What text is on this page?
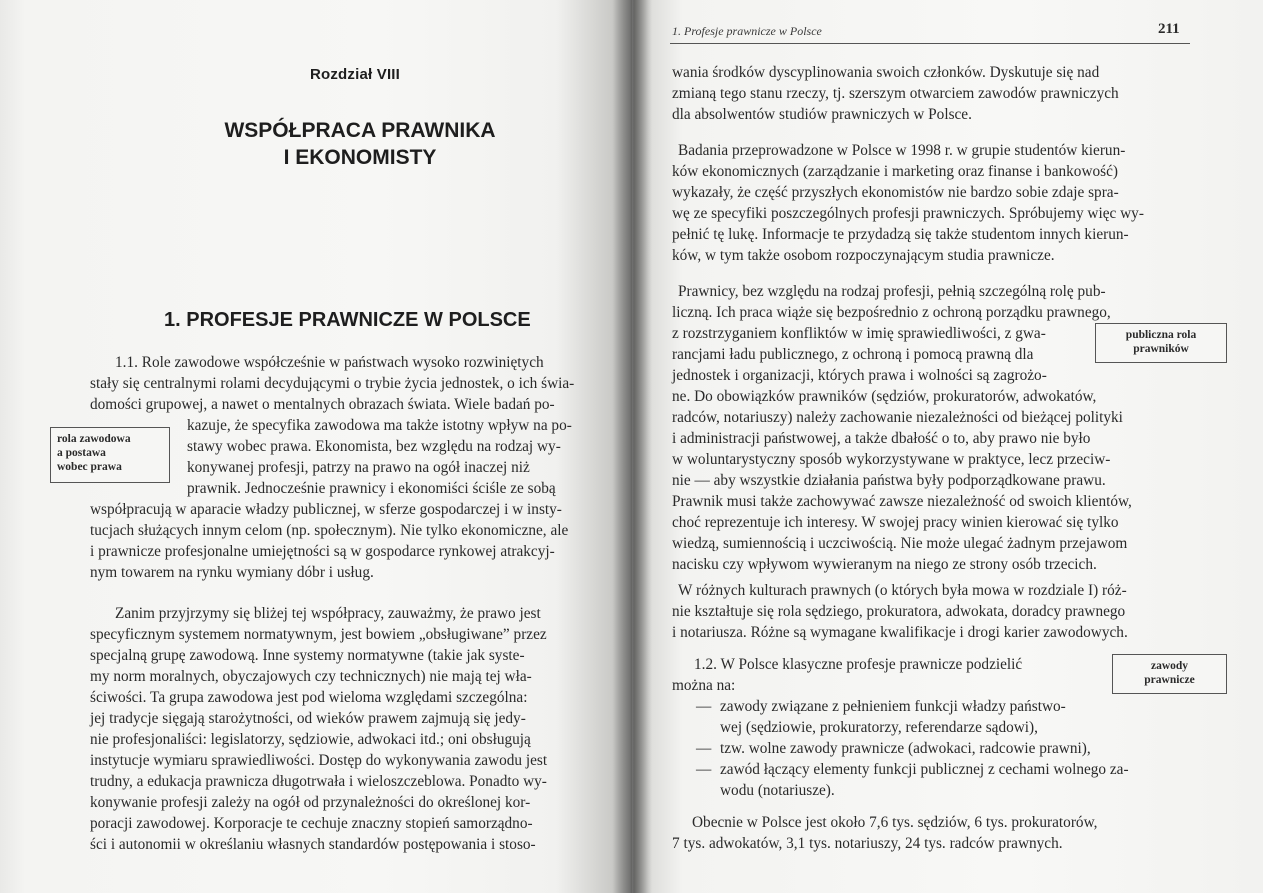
Rozdział VIII
WSPÓŁPRACA PRAWNIKA
I EKONOMISTY
1. PROFESJE PRAWNICZE W POLSCE
1.1. Role zawodowe współcześnie w państwach wysoko rozwiniętych
stały się centralnymi rolami decydującymi o trybie życia jednostek, o ich świa-
domości grupowej, a nawet o mentalnych obrazach świata. Wiele badań po-
kazuje, że specyfika zawodowa ma także istotny wpływ na po-
stawy wobec prawa. Ekonomista, bez względu na rodzaj wy-
konywanej profesji, patrzy na prawo na ogół inaczej niż
prawnik. Jednocześnie prawnicy i ekonomiści ściśle ze sobą
współpracują w aparacie władzy publicznej, w sferze gospodarczej i w insty-
tucjach służących innym celom (np. społecznym). Nie tylko ekonomiczne, ale
i prawnicze profesjonalne umiejętności są w gospodarce rynkowej atrakcyj-
nym towarem na rynku wymiany dóbr i usług.
rola zawodowa
a postawa
wobec prawa
Zanim przyjrzymy się bliżej tej współpracy, zauważmy, że prawo jest
specyficznym systemem normatywnym, jest bowiem „obsługiwane” przez
specjalną grupę zawodową. Inne systemy normatywne (takie jak syste-
my norm moralnych, obyczajowych czy technicznych) nie mają tej wła-
ściwości. Ta grupa zawodowa jest pod wieloma względami szczególna:
jej tradycje sięgają starożytności, od wieków prawem zajmują się jedy-
nie profesjonaliści: legislatorzy, sędziowie, adwokaci itd.; oni obsługują
instytucje wymiaru sprawiedliwości. Dostęp do wykonywania zawodu jest
trudny, a edukacja prawnicza długotrwała i wieloszczeblowa. Ponadto wy-
konywanie profesji zależy na ogół od przynależności do określonej kor-
poracji zawodowej. Korporacje te cechuje znaczny stopień samorządno-
ści i autonomii w określaniu własnych standardów postępowania i stoso-
1. Profesje prawnicze w Polsce	211
wania środków dyscyplinowania swoich członków. Dyskutuje się nad
zmianą tego stanu rzeczy, tj. szerszym otwarciem zawodów prawniczych
dla absolwentów studiów prawniczych w Polsce.
Badania przeprowadzone w Polsce w 1998 r. w grupie studentów kierun-
ków ekonomicznych (zarządzanie i marketing oraz finanse i bankowość)
wykazały, że część przyszłych ekonomistów nie bardzo sobie zdaje spra-
wę ze specyfiki poszczególnych profesji prawniczych. Spróbujemy więc wy-
pełnić tę lukę. Informacje te przydadzą się także studentom innych kierun-
ków, w tym także osobom rozpoczynającym studia prawnicze.
Prawnicy, bez względu na rodzaj profesji, pełnią szczególną rolę pub-
liczną. Ich praca wiąże się bezpośrednio z ochroną porządku prawnego,
z rozstrzyganiem konfliktów w imię sprawiedliwości, z gwa-
rancjami ładu publicznego, z ochroną i pomocą prawną dla
jednostek i organizacji, których prawa i wolności są zagrożo-
ne. Do obowiązków prawników (sędziów, prokuratorów, adwokatów,
radców, notariuszy) należy zachowanie niezależności od bieżącej polityki
i administracji państwowej, a także dbałość o to, aby prawo nie było
w woluntarystyczny sposób wykorzystywane w praktyce, lecz przeciw-
nie — aby wszystkie działania państwa były podporządkowane prawu.
Prawnik musi także zachowywać zawsze niezależność od swoich klientów,
choć reprezentuje ich interesy. W swojej pracy winien kierować się tylko
wiedzą, sumiennością i uczciwością. Nie może ulegać żadnym przejawom
nacisku czy wpływom wywieranym na niego ze strony osób trzecich.
publiczna rola
prawników
W różnych kulturach prawnych (o których była mowa w rozdziale I) róż-
nie kształtuje się rola sędziego, prokuratora, adwokata, doradcy prawnego
i notariusza. Różne są wymagane kwalifikacje i drogi karier zawodowych.
1.2. W Polsce klasyczne profesje prawnicze podzielić
można na:
zawody
prawnicze
— zawody związane z pełnieniem funkcji władzy państwo-
wej (sędziowie, prokuratorzy, referendarze sądowi),
— tzw. wolne zawody prawnicze (adwokaci, radcowie prawni),
— zawód łączący elementy funkcji publicznej z cechami wolnego za-
wodu (notariusze).
Obecnie w Polsce jest około 7,6 tys. sędziów, 6 tys. prokuratorów,
7 tys. adwokatów, 3,1 tys. notariuszy, 24 tys. radców prawnych.
